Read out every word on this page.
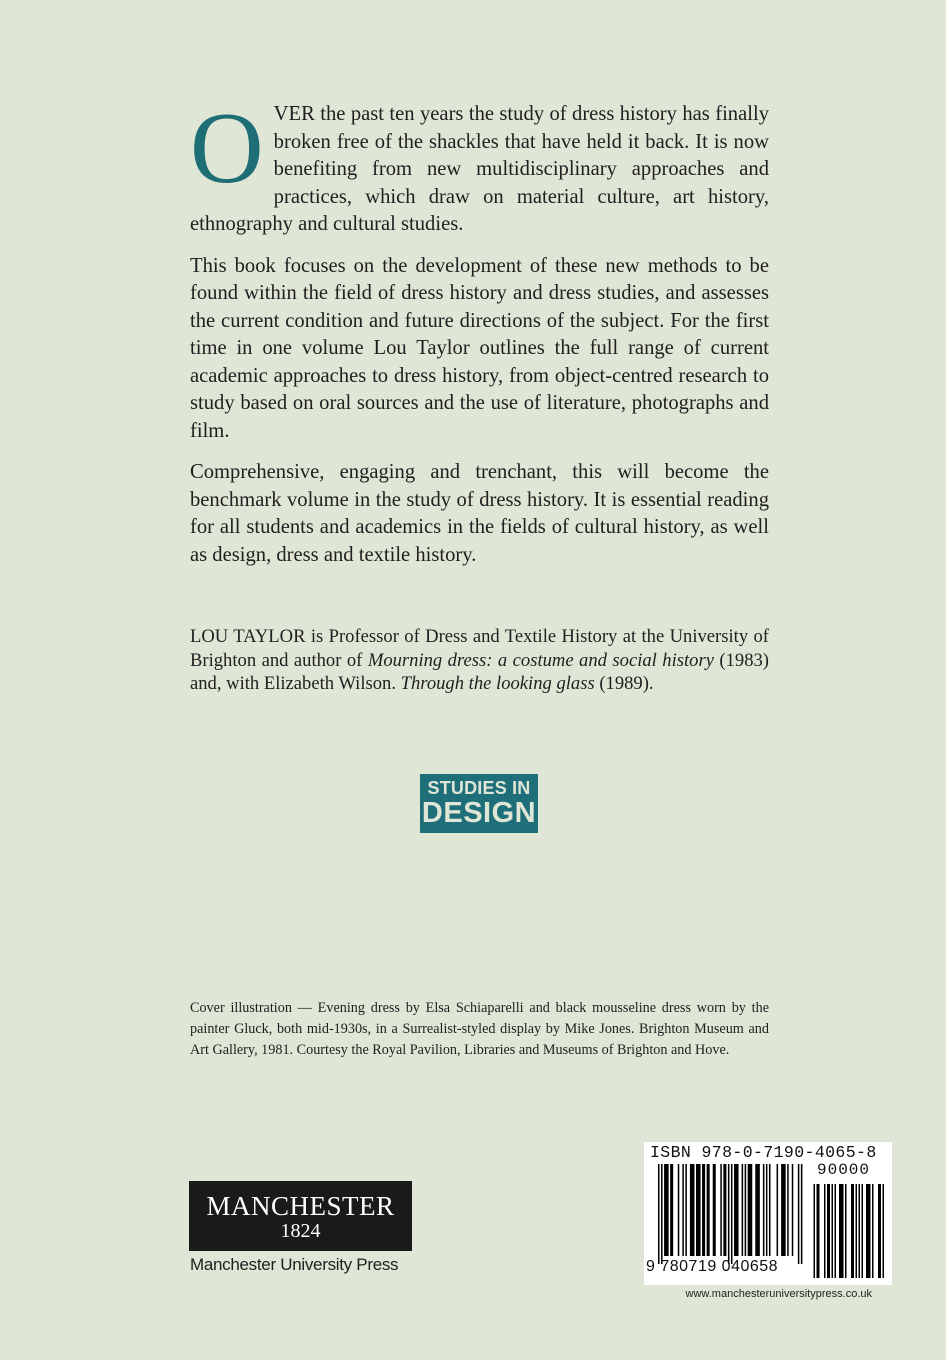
OVER the past ten years the study of dress history has finally broken free of the shackles that have held it back. It is now benefiting from new multidisciplinary approaches and practices, which draw on material culture, art history, ethnography and cultural studies.

This book focuses on the development of these new methods to be found within the field of dress history and dress studies, and assesses the current condition and future directions of the subject. For the first time in one volume Lou Taylor outlines the full range of current academic approaches to dress history, from object-centred research to study based on oral sources and the use of literature, photographs and film.

Comprehensive, engaging and trenchant, this will become the benchmark volume in the study of dress history. It is essential reading for all students and academics in the fields of cultural history, as well as design, dress and textile history.

LOU TAYLOR is Professor of Dress and Textile History at the University of Brighton and author of Mourning dress: a costume and social history (1983) and, with Elizabeth Wilson. Through the looking glass (1989).

STUDIES IN
DESIGN

Cover illustration — Evening dress by Elsa Schiaparelli and black mousseline dress worn by the painter Gluck, both mid-1930s, in a Surrealist-styled display by Mike Jones. Brighton Museum and Art Gallery, 1981. Courtesy the Royal Pavilion, Libraries and Museums of Brighton and Hove.

MANCHESTER
1824

Manchester University Press

ISBN 978-0-7190-4065-8
90000
9 780719 040658

www.manchesteruniversitypress.co.uk
